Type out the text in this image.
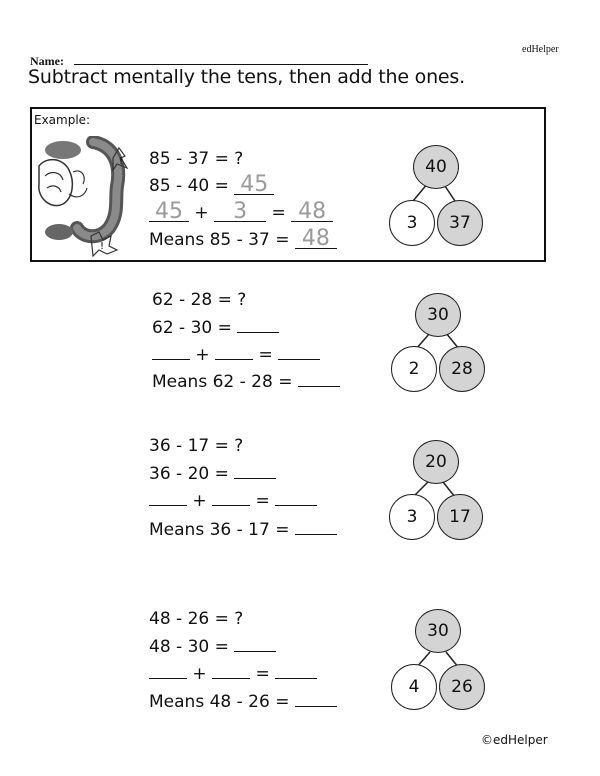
edHelper
Name:
Subtract mentally the tens, then add the ones.
Example:
!
!
85 - 37 = ?
85 - 40 = 45
45 + 3 = 48
Means 85 - 37 = 48
62 - 28 = ?
62 - 30 =
+	=
Means 62 - 28 =
36 - 17 = ?
36 - 20 =
+	=
Means 36 - 17 =
48 - 26 = ?
48 - 30 =
+	=
Means 48 - 26 =
40
3	37
30
2	28
20
3	17
30
4	26
©edHelper
